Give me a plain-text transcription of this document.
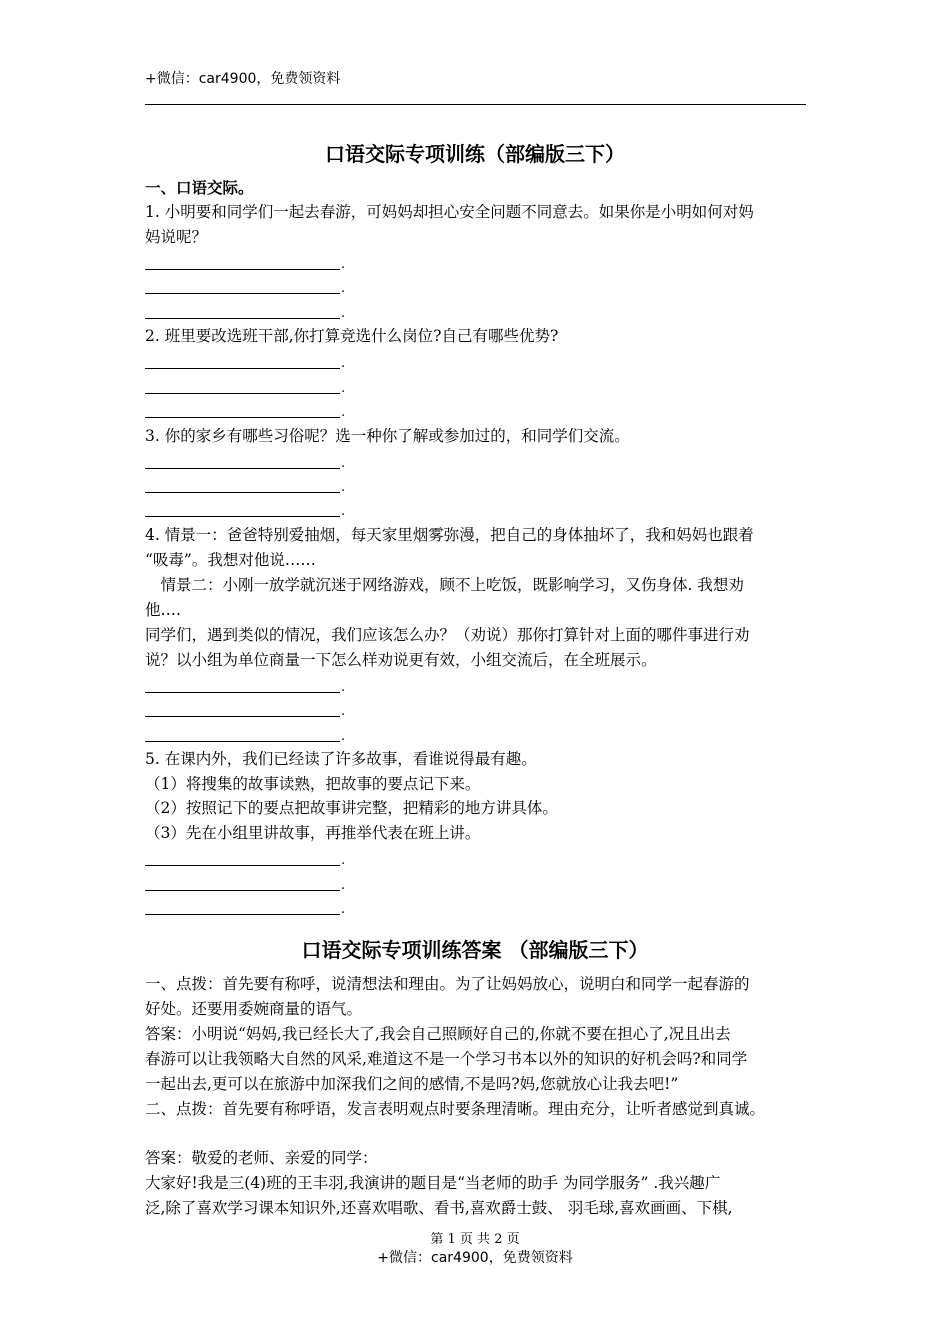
+微信：car4900，免费领资料
口语交际专项训练（部编版三下）
一、口语交际。
1. 小明要和同学们一起去春游，可妈妈却担心安全问题不同意去。如果你是小明如何对妈
妈说呢？
.
.
.
2. 班里要改选班干部,你打算竞选什么岗位?自己有哪些优势?
.
.
.
3. 你的家乡有哪些习俗呢？选一种你了解或参加过的，和同学们交流。
.
.
.
4. 情景一：爸爸特别爱抽烟，每天家里烟雾弥漫，把自己的身体抽坏了，我和妈妈也跟着
“吸毒”。我想对他说……
　情景二：小刚一放学就沉迷于网络游戏，顾不上吃饭，既影响学习，又伤身体. 我想劝
他….
同学们，遇到类似的情况，我们应该怎么办？（劝说）那你打算针对上面的哪件事进行劝
说？以小组为单位商量一下怎么样劝说更有效，小组交流后，在全班展示。
.
.
.
5. 在课内外，我们已经读了许多故事，看谁说得最有趣。
（1）将搜集的故事读熟，把故事的要点记下来。
（2）按照记下的要点把故事讲完整，把精彩的地方讲具体。
（3）先在小组里讲故事，再推举代表在班上讲。
.
.
.
口语交际专项训练答案 （部编版三下）
一、点拨：首先要有称呼，说清想法和理由。为了让妈妈放心，说明白和同学一起春游的
好处。还要用委婉商量的语气。
答案：小明说“妈妈,我已经长大了,我会自己照顾好自己的,你就不要在担心了,况且出去
春游可以让我领略大自然的风采,难道这不是一个学习书本以外的知识的好机会吗?和同学
一起出去,更可以在旅游中加深我们之间的感情,不是吗?妈,您就放心让我去吧!”
二、点拨：首先要有称呼语，发言表明观点时要条理清晰。理由充分，让听者感觉到真诚。
答案：敬爱的老师、亲爱的同学：
大家好!我是三(4)班的王丰羽,我演讲的题目是“当老师的助手 为同学服务” .我兴趣广
泛,除了喜欢学习课本知识外,还喜欢唱歌、看书,喜欢爵士鼓、 羽毛球,喜欢画画、下棋,
第 1 页 共 2 页
+微信：car4900，免费领资料
